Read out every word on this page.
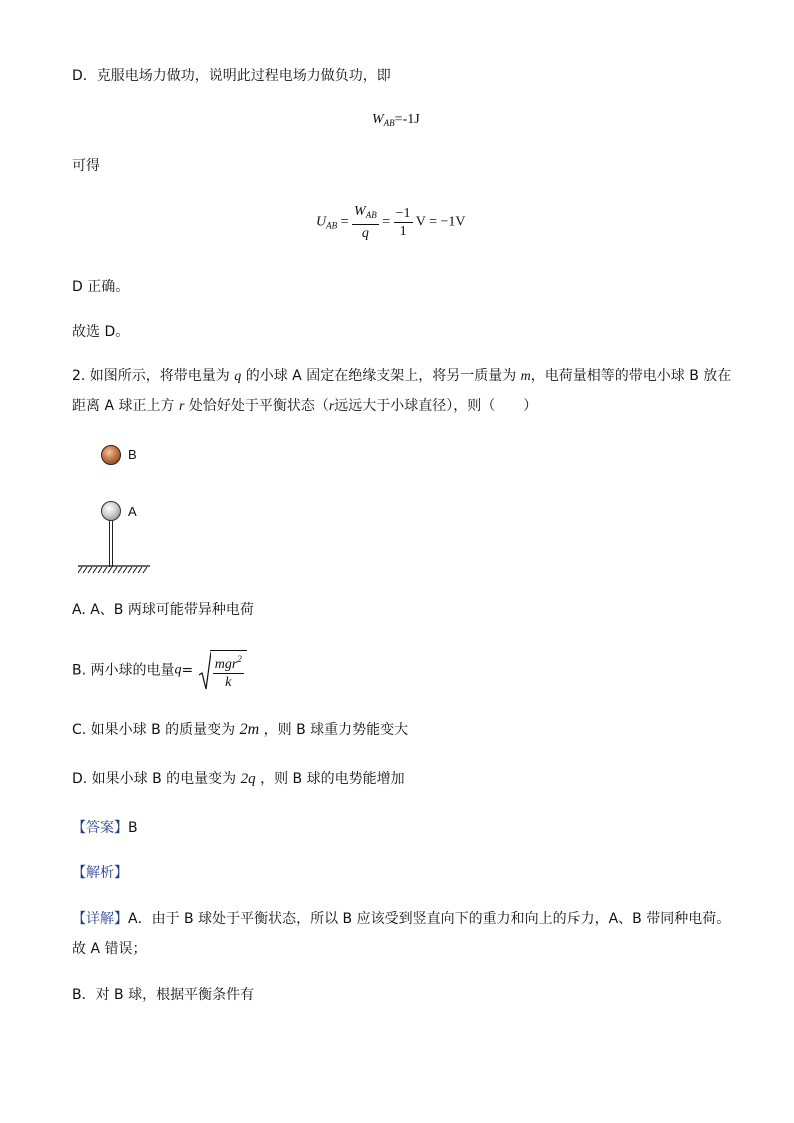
D．克服电场力做功，说明此过程电场力做负功，即
$W_{AB}=-1J$
可得
$U_{AB} = \frac{W_{AB}}{q} = \frac{-1}{1}$ V = −1V
D 正确。
故选 D。
2. 如图所示，将带电量为 q 的小球 A 固定在绝缘支架上，将另一质量为 m，电荷量相等的带电小球 B 放在
距离 A 球正上方 r 处恰好处于平衡状态（r远远大于小球直径），则（　　）
B
A
A. A、B 两球可能带异种电荷
B. 两小球的电量$q= \frac{mgr^2}{k}$
C. 如果小球 B 的质量变为 2m ，则 B 球重力势能变大
D. 如果小球 B 的电量变为 2q ，则 B 球的电势能增加
【答案】B
【解析】
【详解】A．由于 B 球处于平衡状态，所以 B 应该受到竖直向下的重力和向上的斥力，A、B 带同种电荷。
故 A 错误；
B．对 B 球，根据平衡条件有
